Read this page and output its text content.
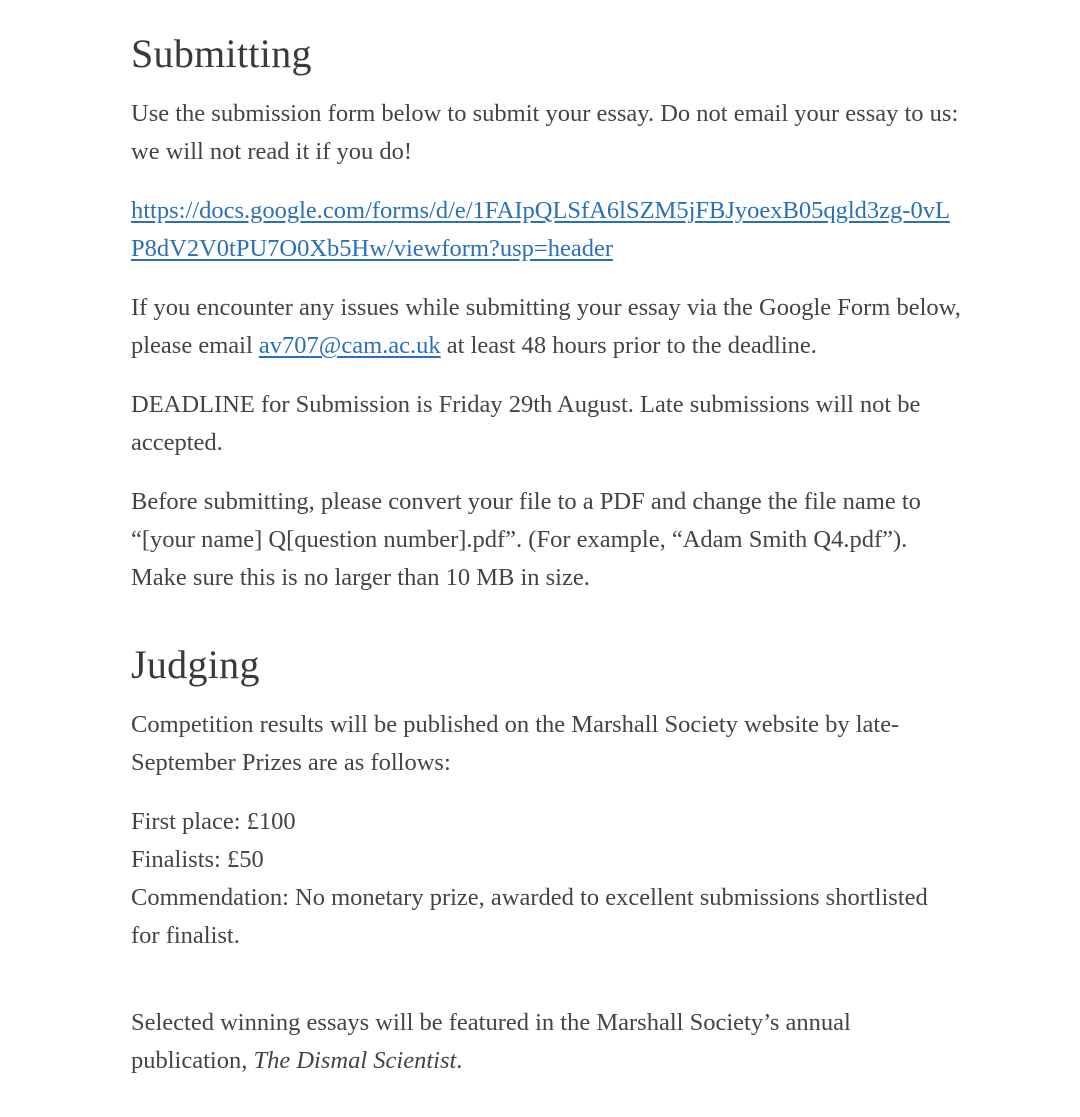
Submitting

Use the submission form below to submit your essay. Do not email your essay to us: we will not read it if you do!

https://docs.google.com/forms/d/e/1FAIpQLSfA6lSZM5jFBJyoexB05qgld3zg-0vLP8dV2V0tPU7O0Xb5Hw/viewform?usp=header

If you encounter any issues while submitting your essay via the Google Form below, please email av707@cam.ac.uk at least 48 hours prior to the deadline.

DEADLINE for Submission is Friday 29th August. Late submissions will not be accepted.

Before submitting, please convert your file to a PDF and change the file name to “[your name] Q[question number].pdf”. (For example, “Adam Smith Q4.pdf”). Make sure this is no larger than 10 MB in size.

Judging

Competition results will be published on the Marshall Society website by late-September Prizes are as follows:

First place: £100
Finalists: £50
Commendation: No monetary prize, awarded to excellent submissions shortlisted for finalist.

Selected winning essays will be featured in the Marshall Society’s annual publication, The Dismal Scientist.
